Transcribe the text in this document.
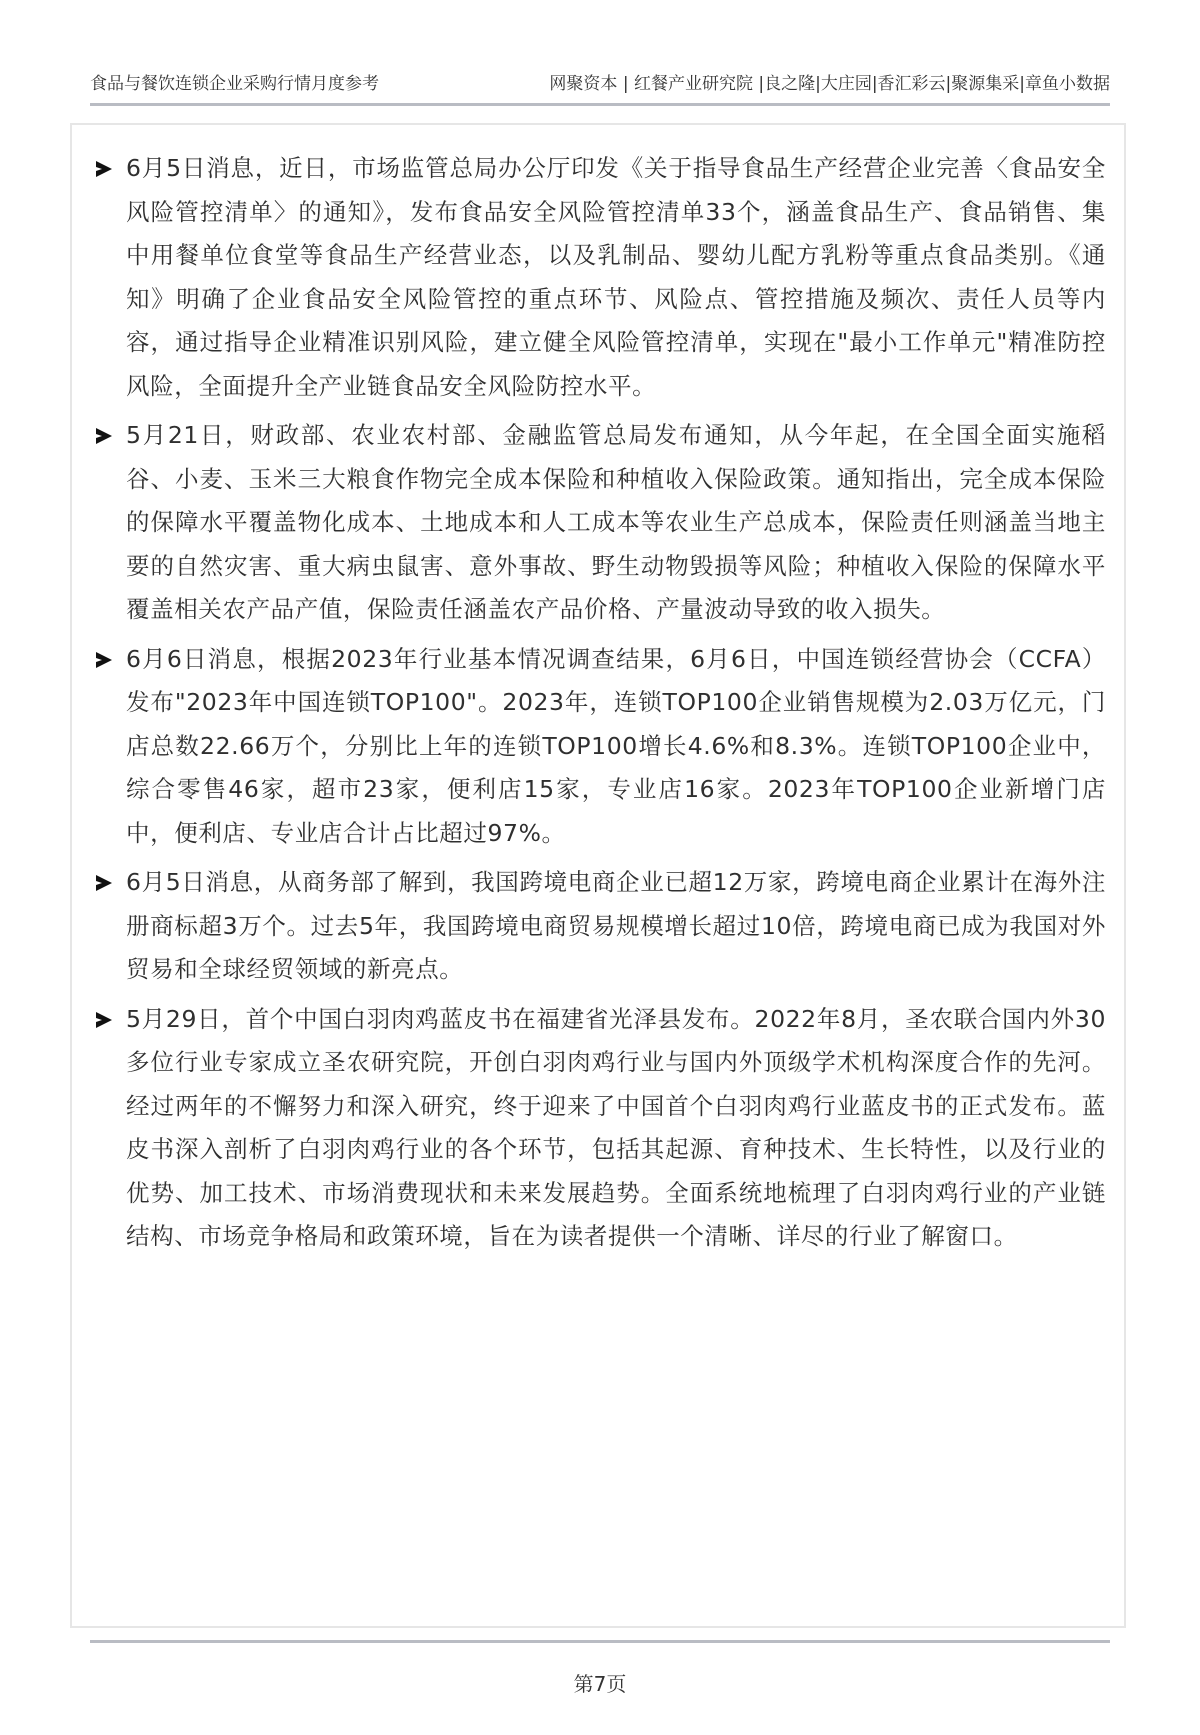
食品与餐饮连锁企业采购行情月度参考	网聚资本 | 红餐产业研究院 |良之隆|大庄园|香汇彩云|聚源集采|章鱼小数据
6月5日消息，近日，市场监管总局办公厅印发《关于指导食品生产经营企业完善〈食品安全风险管控清单〉的通知》，发布食品安全风险管控清单33个，涵盖食品生产、食品销售、集中用餐单位食堂等食品生产经营业态，以及乳制品、婴幼儿配方乳粉等重点食品类别。《通知》明确了企业食品安全风险管控的重点环节、风险点、管控措施及频次、责任人员等内容，通过指导企业精准识别风险，建立健全风险管控清单，实现在"最小工作单元"精准防控风险，全面提升全产业链食品安全风险防控水平。
5月21日，财政部、农业农村部、金融监管总局发布通知，从今年起，在全国全面实施稻谷、小麦、玉米三大粮食作物完全成本保险和种植收入保险政策。通知指出，完全成本保险的保障水平覆盖物化成本、土地成本和人工成本等农业生产总成本，保险责任则涵盖当地主要的自然灾害、重大病虫鼠害、意外事故、野生动物毁损等风险；种植收入保险的保障水平覆盖相关农产品产值，保险责任涵盖农产品价格、产量波动导致的收入损失。
6月6日消息，根据2023年行业基本情况调查结果，6月6日，中国连锁经营协会（CCFA）发布"2023年中国连锁TOP100"。2023年，连锁TOP100企业销售规模为2.03万亿元，门店总数22.66万个，分别比上年的连锁TOP100增长4.6%和8.3%。连锁TOP100企业中，综合零售46家，超市23家，便利店15家，专业店16家。2023年TOP100企业新增门店中，便利店、专业店合计占比超过97%。
6月5日消息，从商务部了解到，我国跨境电商企业已超12万家，跨境电商企业累计在海外注册商标超3万个。过去5年，我国跨境电商贸易规模增长超过10倍，跨境电商已成为我国对外贸易和全球经贸领域的新亮点。
5月29日，首个中国白羽肉鸡蓝皮书在福建省光泽县发布。2022年8月，圣农联合国内外30多位行业专家成立圣农研究院，开创白羽肉鸡行业与国内外顶级学术机构深度合作的先河。经过两年的不懈努力和深入研究，终于迎来了中国首个白羽肉鸡行业蓝皮书的正式发布。蓝皮书深入剖析了白羽肉鸡行业的各个环节，包括其起源、育种技术、生长特性，以及行业的优势、加工技术、市场消费现状和未来发展趋势。全面系统地梳理了白羽肉鸡行业的产业链结构、市场竞争格局和政策环境，旨在为读者提供一个清晰、详尽的行业了解窗口。
第7页
